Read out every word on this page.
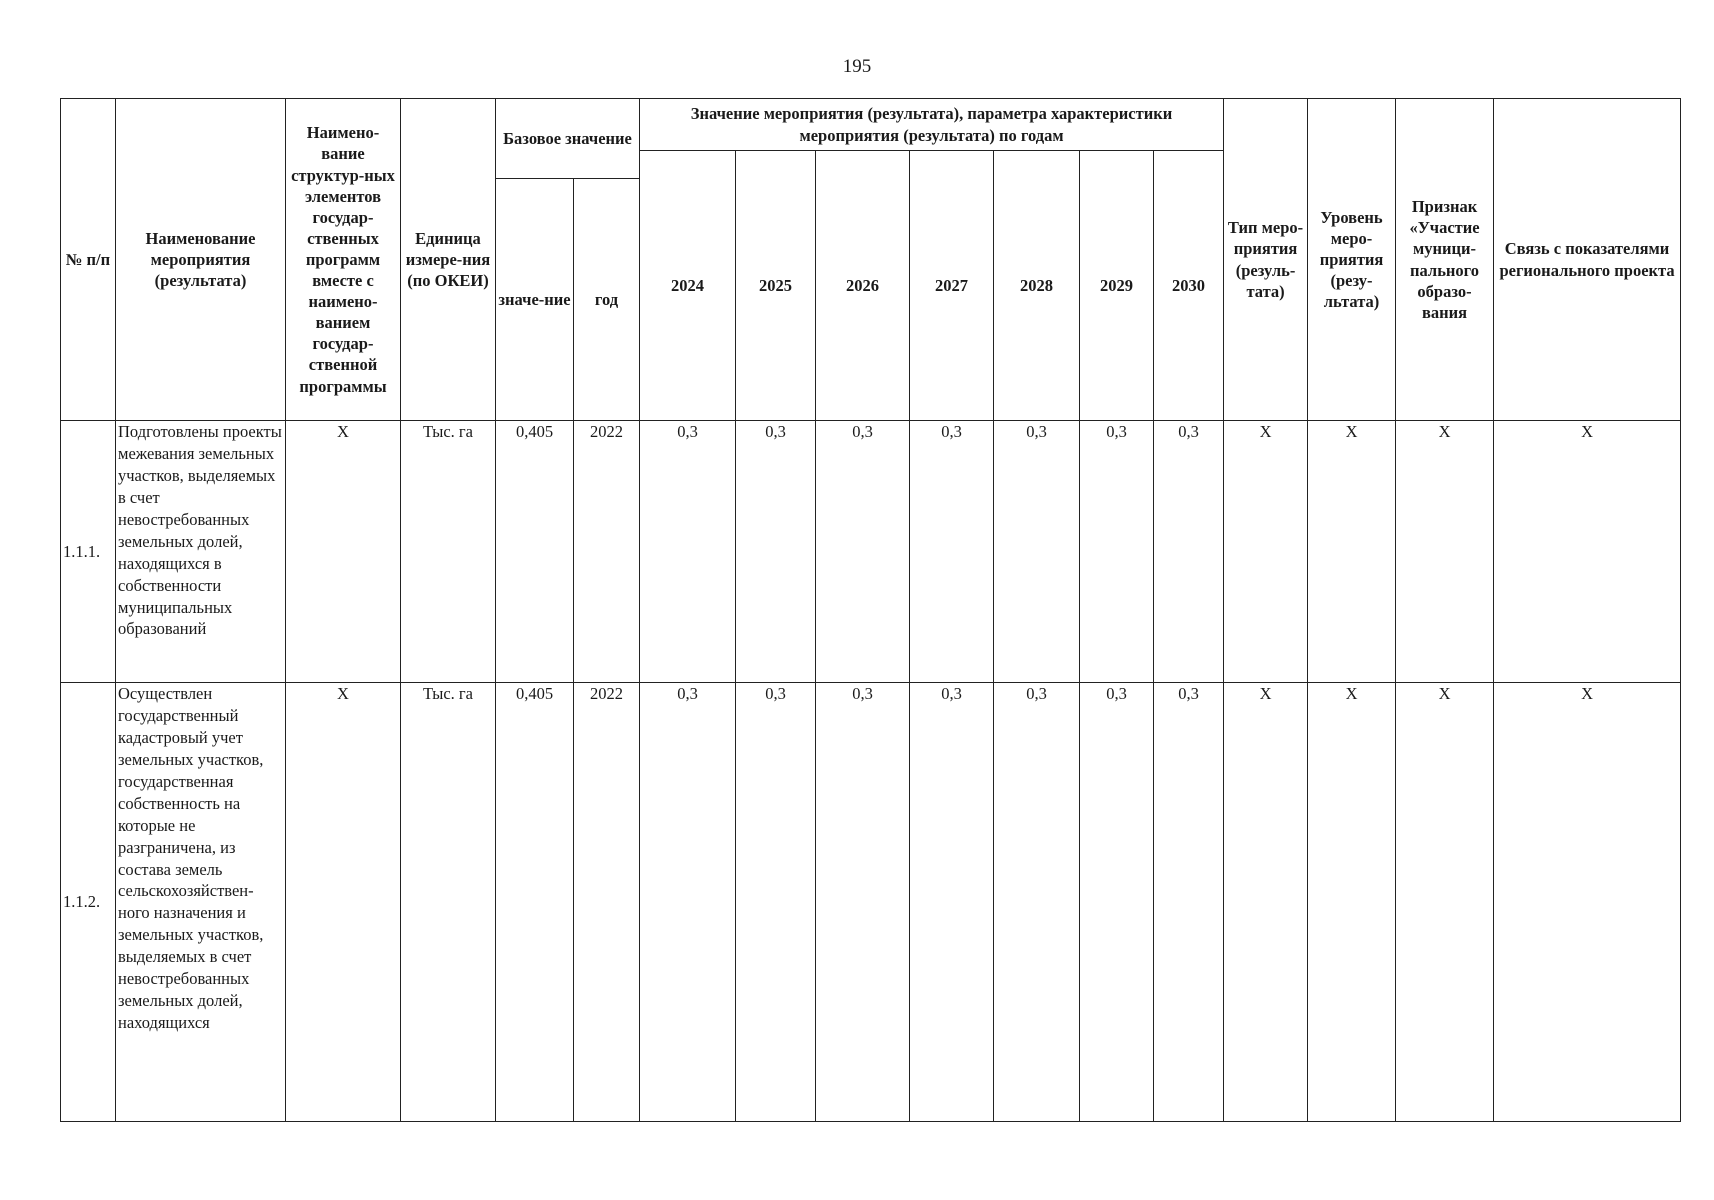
195
№ п/п	Наименование мероприятия (результата)	Наимено-вание структур-ных элементов государ-ственных программ вместе с наимено-ванием государ-ственной программы	Единица измере-ния (по ОКЕИ)	Базовое значение		Значение мероприятия (результата), параметра характеристики мероприятия (результата) по годам							Тип меро-приятия (резуль-тата)	Уровень меро-приятия (резу-льтата)	Признак «Участие муници-пального образо-вания	Связь с показателями регионального проекта
						2024	2025	2026	2027	2028	2029	2030				
				значе-ние	год											
1.1.1.	Подготовлены проекты межевания земельных участков, выделяемых в счет невостребованных земельных долей, находящихся в собственности муниципальных образований	Х	Тыс. га	0,405	2022	0,3	0,3	0,3	0,3	0,3	0,3	0,3	Х	Х	Х	Х
1.1.2.	Осуществлен государственный кадастровый учет земельных участков, государственная собственность на которые не разграничена, из состава земель сельскохозяйствен-ного назначения и земельных участков, выделяемых в счет невостребованных земельных долей, находящихся	Х	Тыс. га	0,405	2022	0,3	0,3	0,3	0,3	0,3	0,3	0,3	Х	Х	Х	Х
